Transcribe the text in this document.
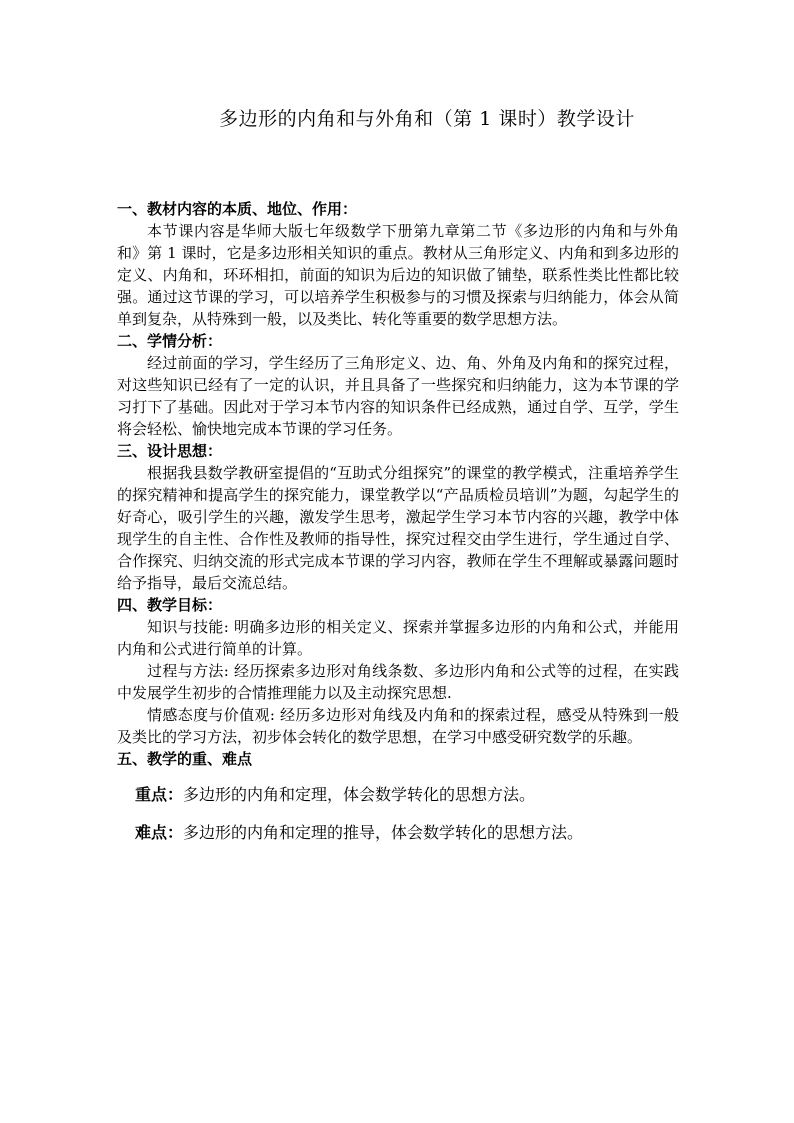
多边形的内角和与外角和（第 1 课时）教学设计

一、教材内容的本质、地位、作用：

本节课内容是华师大版七年级数学下册第九章第二节《多边形的内角和与外角和》第 1 课时，它是多边形相关知识的重点。教材从三角形定义、内角和到多边形的定义、内角和，环环相扣，前面的知识为后边的知识做了铺垫，联系性类比性都比较强。通过这节课的学习，可以培养学生积极参与的习惯及探索与归纳能力，体会从简单到复杂，从特殊到一般，以及类比、转化等重要的数学思想方法。

二、学情分析：

经过前面的学习，学生经历了三角形定义、边、角、外角及内角和的探究过程，对这些知识已经有了一定的认识，并且具备了一些探究和归纳能力，这为本节课的学习打下了基础。因此对于学习本节内容的知识条件已经成熟，通过自学、互学，学生将会轻松、愉快地完成本节课的学习任务。

三、设计思想：

根据我县数学教研室提倡的“互助式分组探究”的课堂的教学模式，注重培养学生的探究精神和提高学生的探究能力，课堂教学以“产品质检员培训”为题，勾起学生的好奇心，吸引学生的兴趣，激发学生思考，激起学生学习本节内容的兴趣，教学中体现学生的自主性、合作性及教师的指导性，探究过程交由学生进行，学生通过自学、合作探究、归纳交流的形式完成本节课的学习内容，教师在学生不理解或暴露问题时给予指导，最后交流总结。

四、教学目标：

知识与技能: 明确多边形的相关定义、探索并掌握多边形的内角和公式，并能用内角和公式进行简单的计算。

过程与方法: 经历探索多边形对角线条数、多边形内角和公式等的过程，在实践中发展学生初步的合情推理能力以及主动探究思想.

情感态度与价值观: 经历多边形对角线及内角和的探索过程，感受从特殊到一般及类比的学习方法，初步体会转化的数学思想，在学习中感受研究数学的乐趣。

五、教学的重、难点

重点：多边形的内角和定理，体会数学转化的思想方法。

难点：多边形的内角和定理的推导，体会数学转化的思想方法。
